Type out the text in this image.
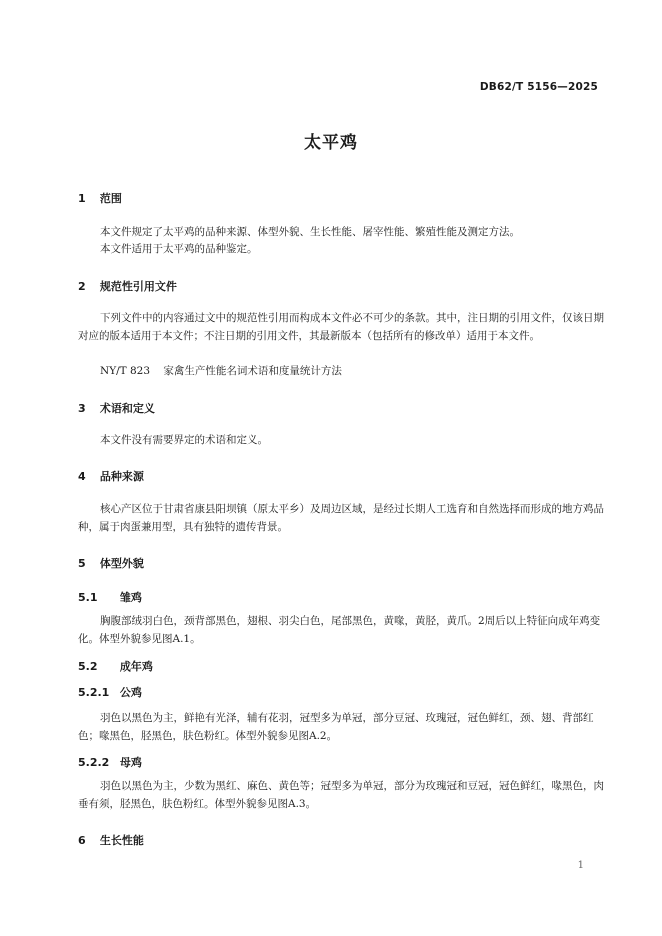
DB62/T 5156—2025
太平鸡
1 范围

本文件规定了太平鸡的品种来源、体型外貌、生长性能、屠宰性能、繁殖性能及测定方法。

本文件适用于太平鸡的品种鉴定。

2 规范性引用文件

下列文件中的内容通过文中的规范性引用而构成本文件必不可少的条款。其中，注日期的引用文件，仅该日期对应的版本适用于本文件；不注日期的引用文件，其最新版本（包括所有的修改单）适用于本文件。

NY/T 823 家禽生产性能名词术语和度量统计方法
3 术语和定义

本文件没有需要界定的术语和定义。

4 品种来源

核心产区位于甘肃省康县阳坝镇（原太平乡）及周边区域，是经过长期人工选育和自然选择而形成的地方鸡品种，属于肉蛋兼用型，具有独特的遗传背景。

5 体型外貌
5.1 雏鸡

胸腹部绒羽白色，颈背部黑色，翅根、羽尖白色，尾部黑色，黄喙，黄胫，黄爪。2周后以上特征向成年鸡变化。体型外貌参见图A.1。

5.2 成年鸡
5.2.1 公鸡

羽色以黑色为主，鲜艳有光泽，辅有花羽，冠型多为单冠，部分豆冠、玫瑰冠，冠色鲜红，颈、翅、背部红色；喙黑色，胫黑色，肤色粉红。体型外貌参见图A.2。

5.2.2 母鸡

羽色以黑色为主，少数为黑红、麻色、黄色等；冠型多为单冠，部分为玫瑰冠和豆冠，冠色鲜红，喙黑色，肉垂有须，胫黑色，肤色粉红。体型外貌参见图A.3。

6 生长性能
1
